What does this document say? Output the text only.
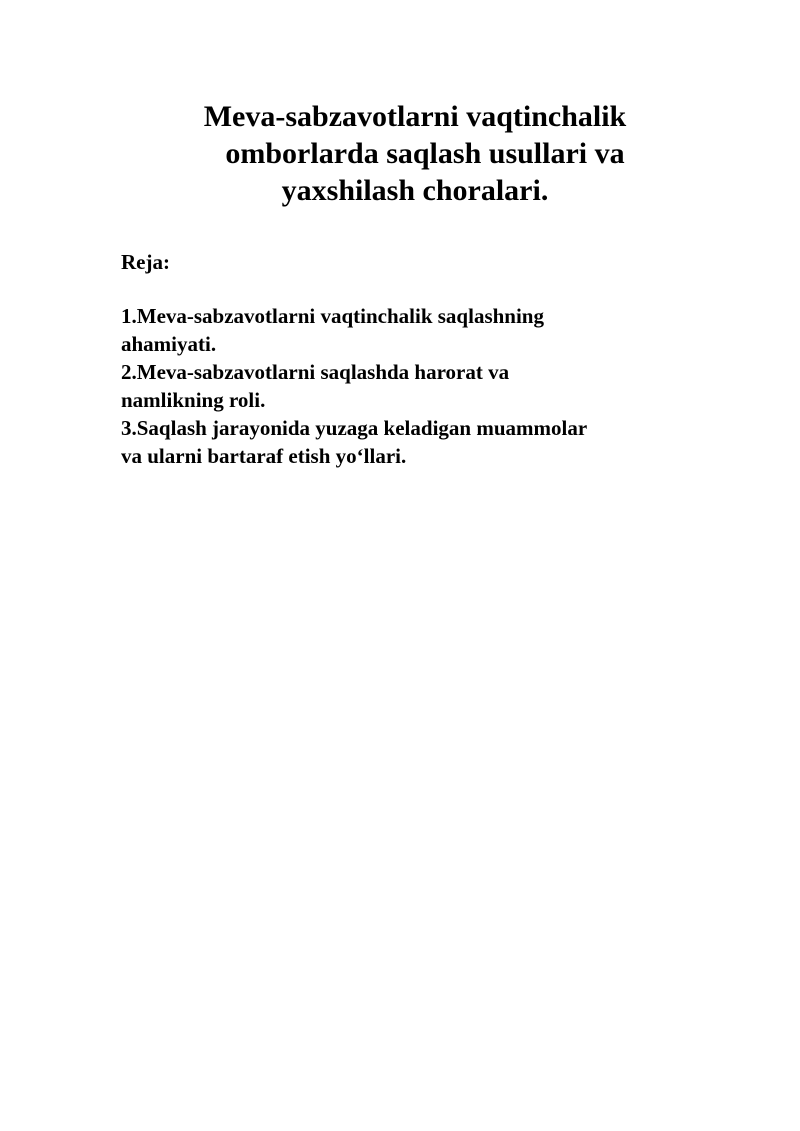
Meva-sabzavotlarni vaqtinchalik
omborlarda saqlash usullari va
yaxshilash choralari.

Reja:

1.Meva-sabzavotlarni vaqtinchalik saqlashning
ahamiyati.
2.Meva-sabzavotlarni saqlashda harorat va
namlikning roli.
3.Saqlash jarayonida yuzaga keladigan muammolar
va ularni bartaraf etish yo‘llari.
